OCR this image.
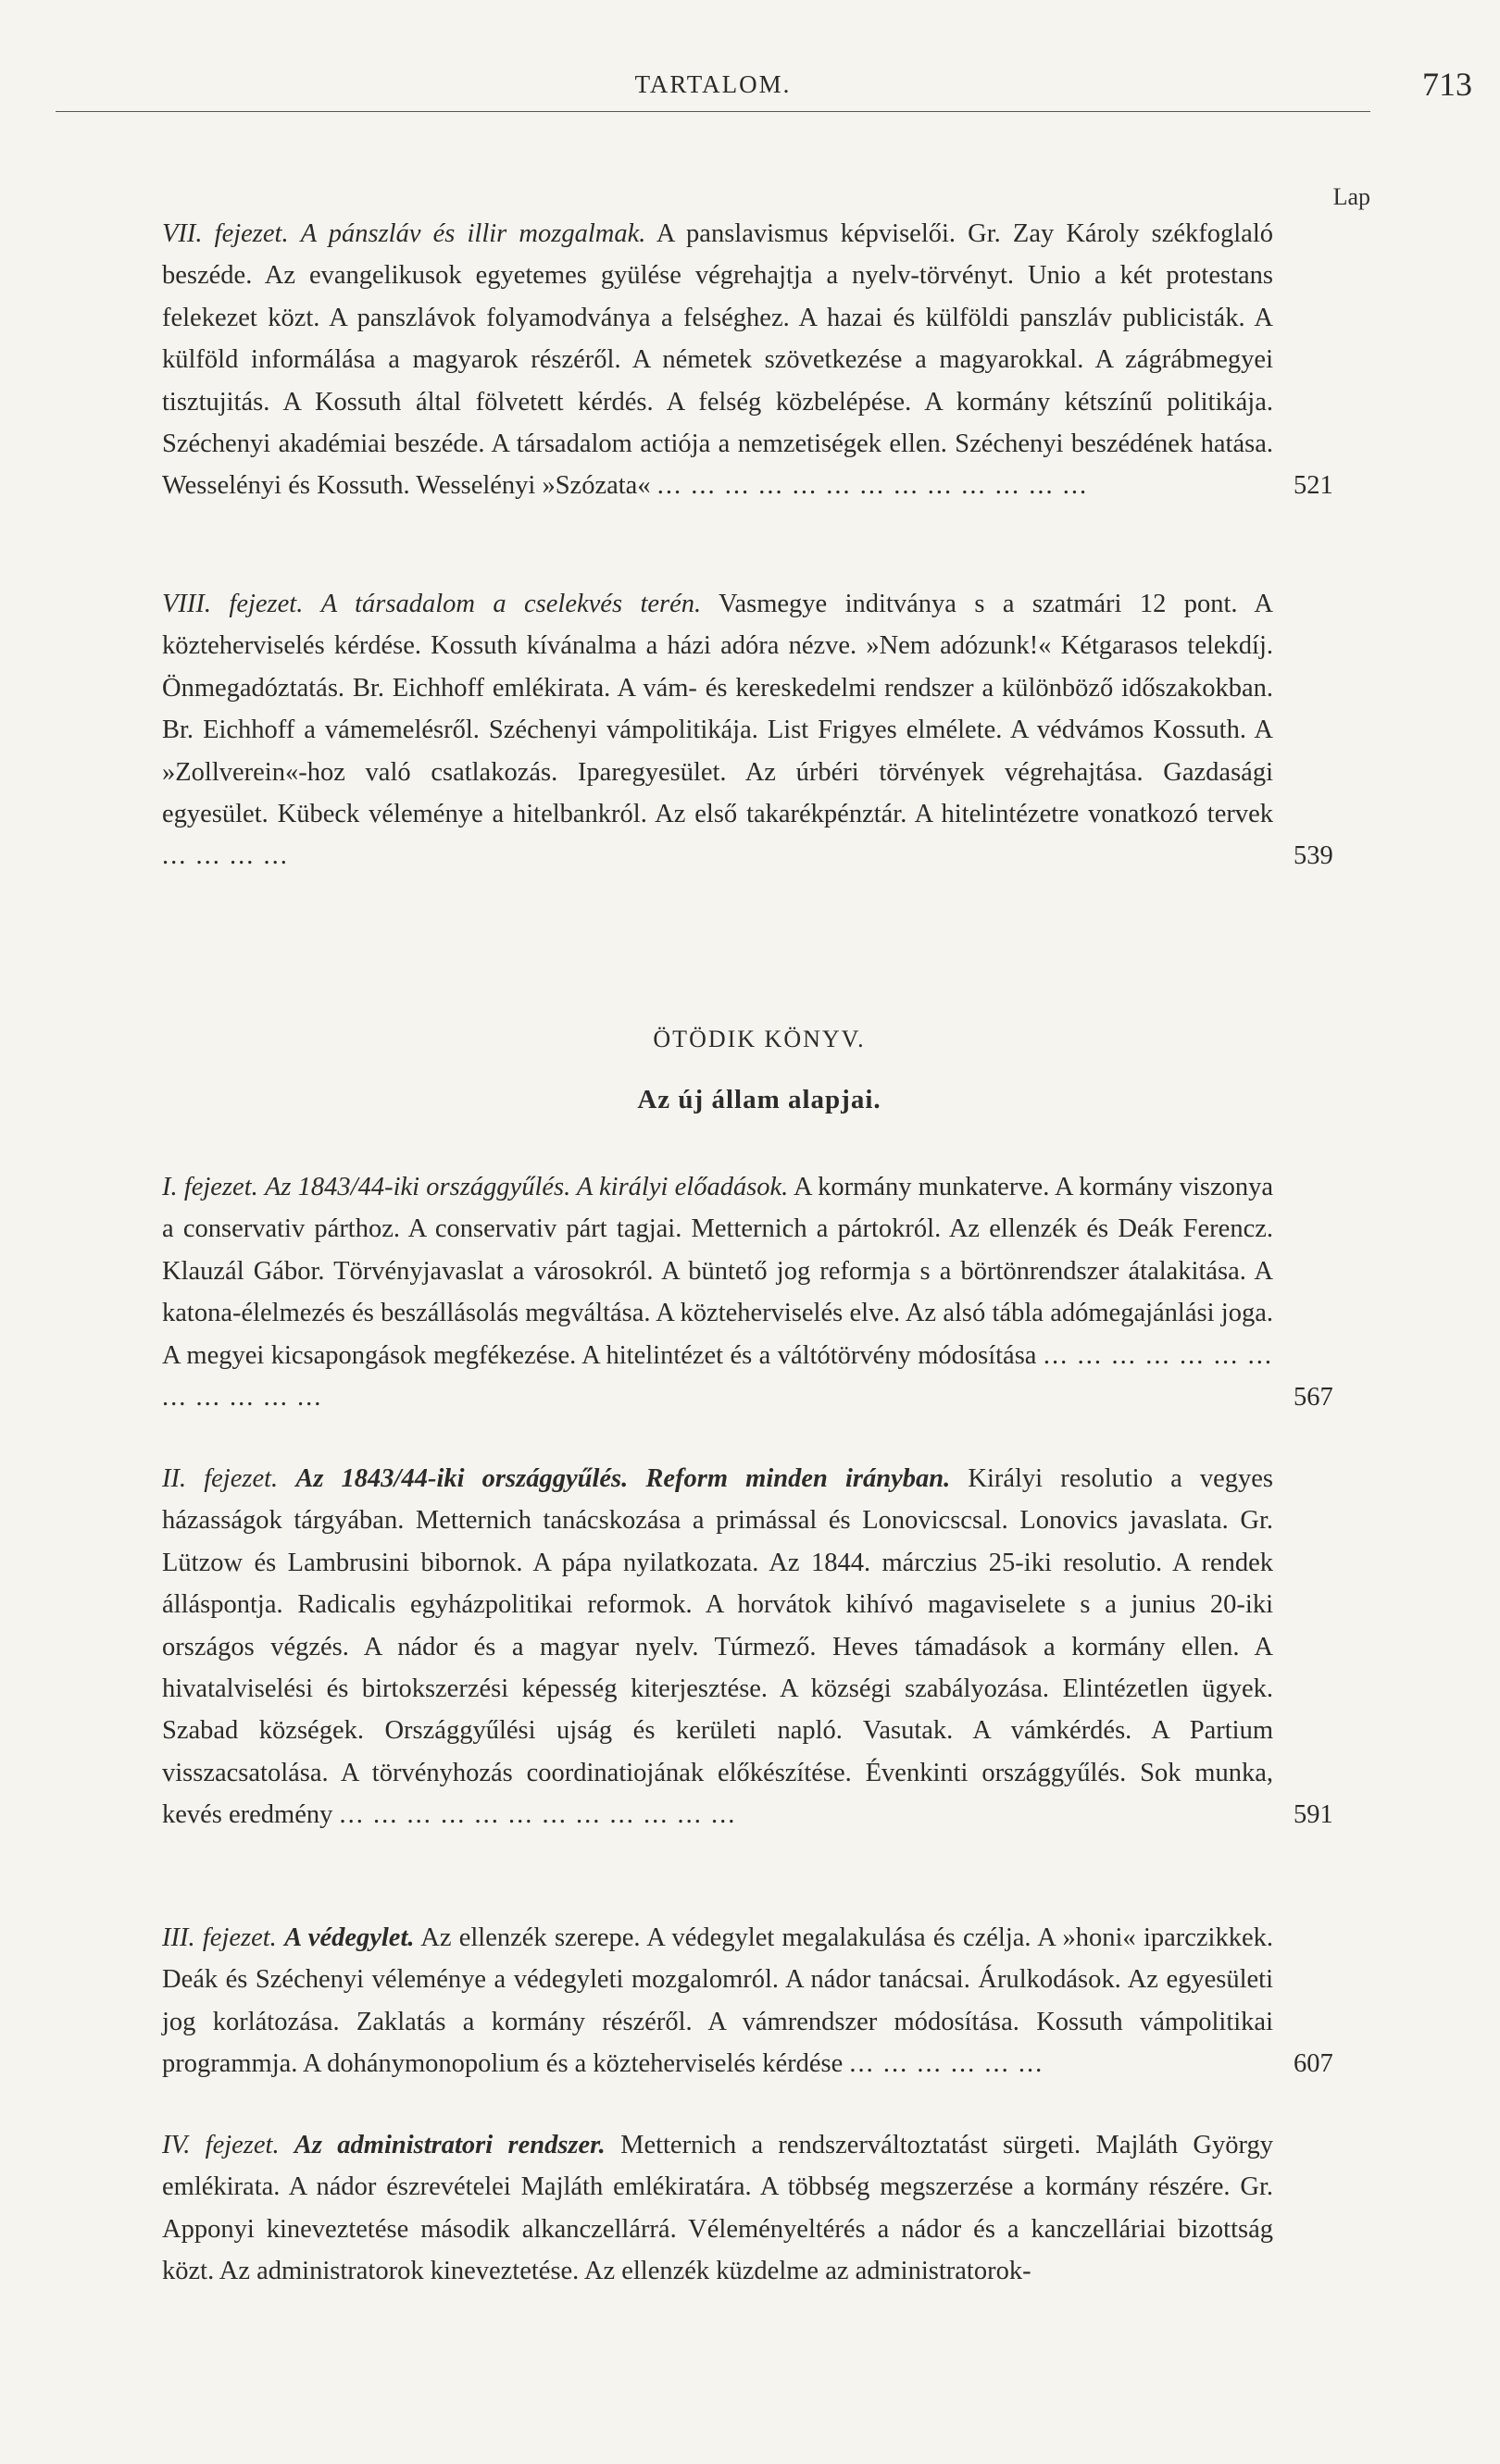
TARTALOM.	713
Lap
VII. fejezet. A pánszláv és illir mozgalmak. A panslavismus képviselői. Gr. Zay Károly székfoglaló beszéde. Az evangelikusok egyetemes gyülése végrehajtja a nyelv-törvényt. Unio a két protestans felekezet közt. A panszlávok folyamodványa a felséghez. A hazai és külföldi panszláv publicisták. A külföld informálása a magyarok részéről. A németek szövetkezése a magyarokkal. A zágrábmegyei tisztujitás. A Kossuth által fölvetett kérdés. A felség közbelépése. A kormány kétszínű politikája. Széchenyi akadémiai beszéde. A társadalom actiója a nemzetiségek ellen. Széchenyi beszédének hatása. Wesselényi és Kossuth. Wesselényi »Szózata« ... ... ... ... ... ... ... ... ... ... ... ... ...	521
VIII. fejezet. A társadalom a cselekvés terén. Vasmegye inditványa s a szatmári 12 pont. A közteherviselés kérdése. Kossuth kívánalma a házi adóra nézve. »Nem adózunk!« Kétgarasos telekdíj. Önmegadóztatás. Br. Eichhoff emlékirata. A vám- és kereskedelmi rendszer a különböző időszakokban. Br. Eichhoff a vámemelésről. Széchenyi vámpolitikája. List Frigyes elmélete. A védvámos Kossuth. A »Zollverein«-hoz való csatlakozás. Iparegyesület. Az úrbéri törvények végrehajtása. Gazdasági egyesület. Kübeck véleménye a hitelbankról. Az első takarékpénztár. A hitelintézetre vonatkozó tervek ... ... ... ...	539
ÖTÖDIK KÖNYV.
Az új állam alapjai.
I. fejezet. Az 1843/44-iki országgyűlés. A királyi előadások. A kormány munkaterve. A kormány viszonya a conservativ párthoz. A conservativ párt tagjai. Metternich a pártokról. Az ellenzék és Deák Ferencz. Klauzál Gábor. Törvényjavaslat a városokról. A büntető jog reformja s a börtönrendszer átalakitása. A katona-élelmezés és beszállásolás megváltása. A közteherviselés elve. Az alsó tábla adómegajánlási joga. A megyei kicsapongások megfékezése. A hitelintézet és a váltótörvény módosítása ... ... ... ... ... ... ... ... ... ... ... ...	567
II. fejezet. Az 1843/44-iki országgyűlés. Reform minden irányban. Királyi resolutio a vegyes házasságok tárgyában. Metternich tanácskozása a primással és Lonovicscsal. Lonovics javaslata. Gr. Lützow és Lambrusini bibornok. A pápa nyilatkozata. Az 1844. márczius 25-iki resolutio. A rendek álláspontja. Radicalis egyházpolitikai reformok. A horvátok kihívó magaviselete s a junius 20-iki országos végzés. A nádor és a magyar nyelv. Túrmező. Heves támadások a kormány ellen. A hivatalviselési és birtokszerzési képesség kiterjesztése. A községi szabályozása. Elintézetlen ügyek. Szabad községek. Országgyűlési ujság és kerületi napló. Vasutak. A vámkérdés. A Partium visszacsatolása. A törvényhozás coordinatiojának előkészítése. Évenkinti országgyűlés. Sok munka, kevés eredmény ... ... ... ... ... ... ... ... ... ... ... ...	591
III. fejezet. A védegylet. Az ellenzék szerepe. A védegylet megalakulása és czélja. A »honi« iparczikkek. Deák és Széchenyi véleménye a védegyleti mozgalomról. A nádor tanácsai. Árulkodások. Az egyesületi jog korlátozása. Zaklatás a kormány részéről. A vámrendszer módosítása. Kossuth vámpolitikai programmja. A dohánymonopolium és a közteherviselés kérdése ... ... ... ... ... ...	607
IV. fejezet. Az administratori rendszer. Metternich a rendszerváltoztatást sürgeti. Majláth György emlékirata. A nádor észrevételei Majláth emlékiratára. A többség megszerzése a kormány részére. Gr. Apponyi kineveztetése második alkanczellárrá. Véleményeltérés a nádor és a kanczelláriai bizottság közt. Az administratorok kineveztetése. Az ellenzék küzdelme az administratorok-
